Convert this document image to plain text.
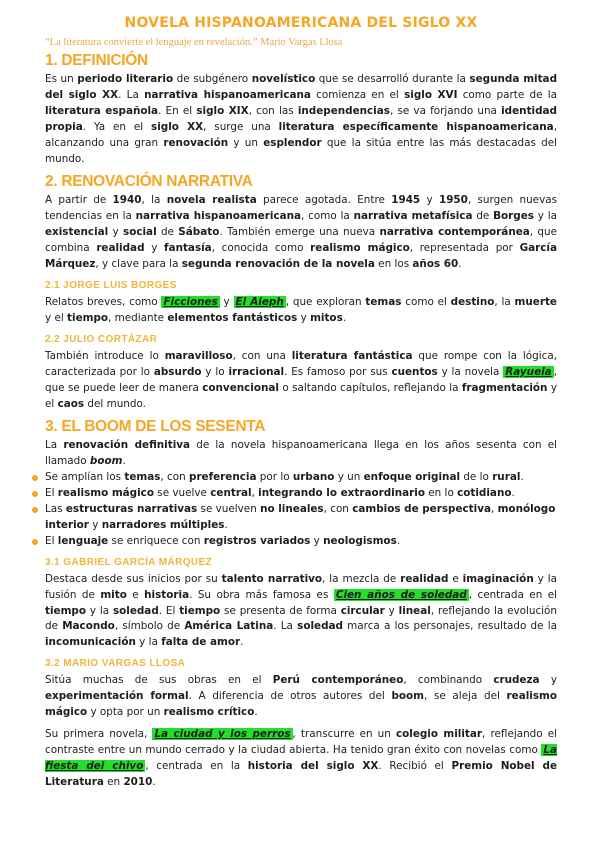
NOVELA HISPANOAMERICANA DEL SIGLO XX
“La literatura convierte el lenguaje en revelación.” Mario Vargas Llosa
1. DEFINICIÓN

Es un periodo literario de subgénero novelístico que se desarrolló durante la segunda mitad del siglo XX. La narrativa hispanoamericana comienza en el siglo XVI como parte de la literatura española. En el siglo XIX, con las independencias, se va forjando una identidad propia. Ya en el siglo XX, surge una literatura específicamente hispanoamericana, alcanzando una gran renovación y un esplendor que la sitúa entre las más destacadas del mundo.

2. RENOVACIÓN NARRATIVA

A partir de 1940, la novela realista parece agotada. Entre 1945 y 1950, surgen nuevas tendencias en la narrativa hispanoamericana, como la narrativa metafísica de Borges y la existencial y social de Sábato. También emerge una nueva narrativa contemporánea, que combina realidad y fantasía, conocida como realismo mágico, representada por García Márquez, y clave para la segunda renovación de la novela en los años 60.

2.1 JORGE LUIS BORGES

Relatos breves, como Ficciones y El Aleph , que exploran temas como el destino, la muerte y el tiempo, mediante elementos fantásticos y mitos.

2.2 JULIO CORTÁZAR

También introduce lo maravilloso, con una literatura fantástica que rompe con la lógica, caracterizada por lo absurdo y lo irracional. Es famoso por sus cuentos y la novela Rayuela , que se puede leer de manera convencional o saltando capítulos, reflejando la fragmentación y el caos del mundo.

3. EL BOOM DE LOS SESENTA

La renovación definitiva de la novela hispanoamericana llega en los años sesenta con el llamado boom.

Se amplían los temas, con preferencia por lo urbano y un enfoque original de lo rural.
El realismo mágico se vuelve central, integrando lo extraordinario en lo cotidiano.
Las estructuras narrativas se vuelven no lineales, con cambios de perspectiva, monólogo interior y narradores múltiples.
El lenguaje se enriquece con registros variados y neologismos.
3.1 GABRIEL GARCÍA MÁRQUEZ

Destaca desde sus inicios por su talento narrativo, la mezcla de realidad e imaginación y la fusión de mito e historia. Su obra más famosa es Cien años de soledad , centrada en el tiempo y la soledad. El tiempo se presenta de forma circular y lineal, reflejando la evolución de Macondo, símbolo de América Latina. La soledad marca a los personajes, resultado de la incomunicación y la falta de amor.

3.2 MARIO VARGAS LLOSA

Sitúa muchas de sus obras en el Perú contemporáneo, combinando crudeza y experimentación formal. A diferencia de otros autores del boom, se aleja del realismo mágico y opta por un realismo crítico.

Su primera novela, La ciudad y los perros , transcurre en un colegio militar, reflejando el contraste entre un mundo cerrado y la ciudad abierta. Ha tenido gran éxito con novelas como La fiesta del chivo , centrada en la historia del siglo XX. Recibió el Premio Nobel de Literatura en 2010.
